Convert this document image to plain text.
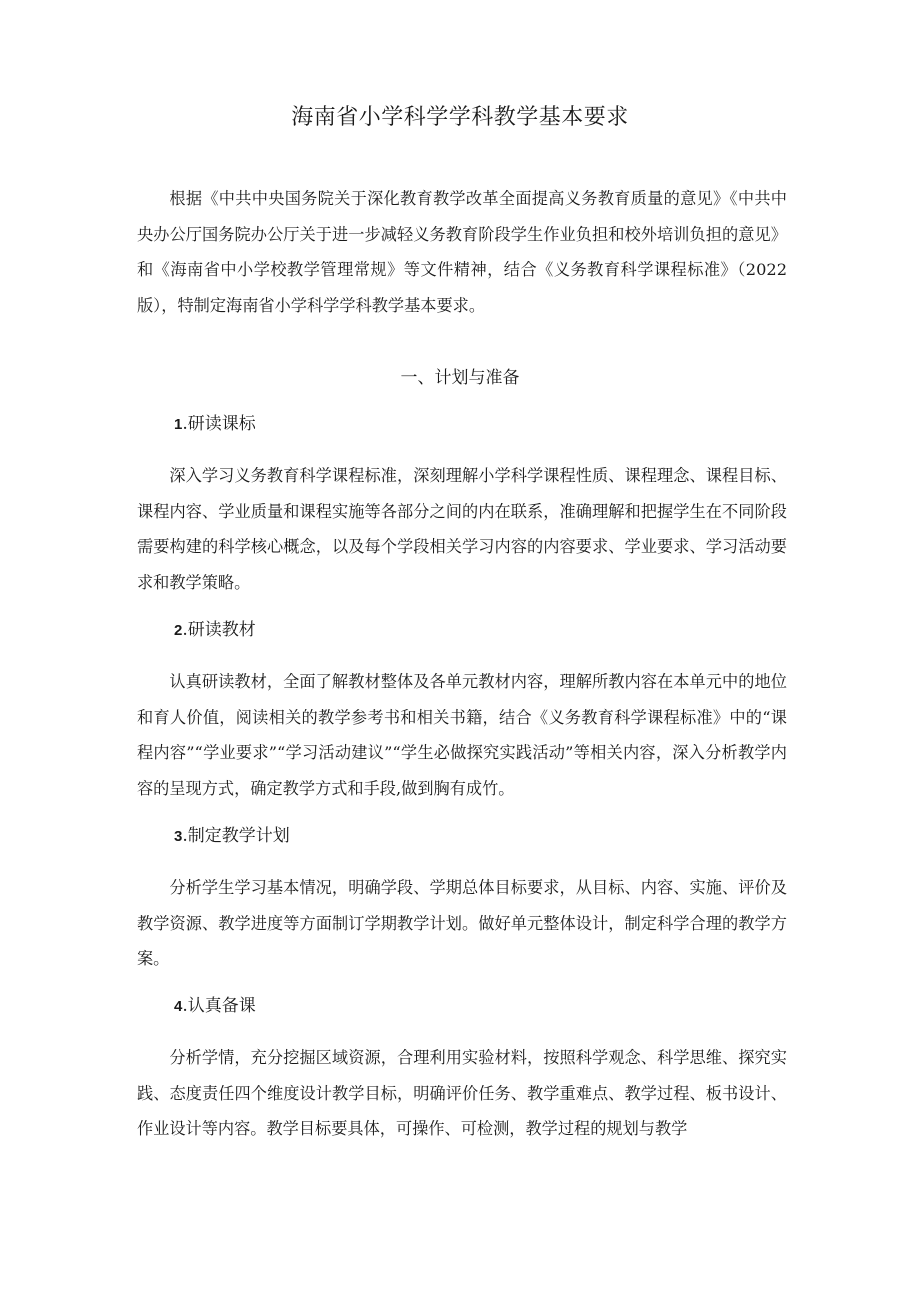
海南省小学科学学科教学基本要求

根据《中共中央国务院关于深化教育教学改革全面提高义务教育质量的意见》《中共中央办公厅国务院办公厅关于进一步减轻义务教育阶段学生作业负担和校外培训负担的意见》和《海南省中小学校教学管理常规》等文件精神，结合《义务教育科学课程标准》（2022版），特制定海南省小学科学学科教学基本要求。

一、计划与准备
1.研读课标

深入学习义务教育科学课程标准，深刻理解小学科学课程性质、课程理念、课程目标、课程内容、学业质量和课程实施等各部分之间的内在联系，准确理解和把握学生在不同阶段需要构建的科学核心概念，以及每个学段相关学习内容的内容要求、学业要求、学习活动要求和教学策略。

2.研读教材

认真研读教材，全面了解教材整体及各单元教材内容，理解所教内容在本单元中的地位和育人价值，阅读相关的教学参考书和相关书籍，结合《义务教育科学课程标准》中的“课程内容”“学业要求”“学习活动建议”“学生必做探究实践活动”等相关内容，深入分析教学内容的呈现方式，确定教学方式和手段,做到胸有成竹。

3.制定教学计划

分析学生学习基本情况，明确学段、学期总体目标要求，从目标、内容、实施、评价及教学资源、教学进度等方面制订学期教学计划。做好单元整体设计，制定科学合理的教学方案。

4.认真备课

分析学情，充分挖掘区域资源，合理利用实验材料，按照科学观念、科学思维、探究实践、态度责任四个维度设计教学目标，明确评价任务、教学重难点、教学过程、板书设计、作业设计等内容。教学目标要具体，可操作、可检测，教学过程的规划与教学
